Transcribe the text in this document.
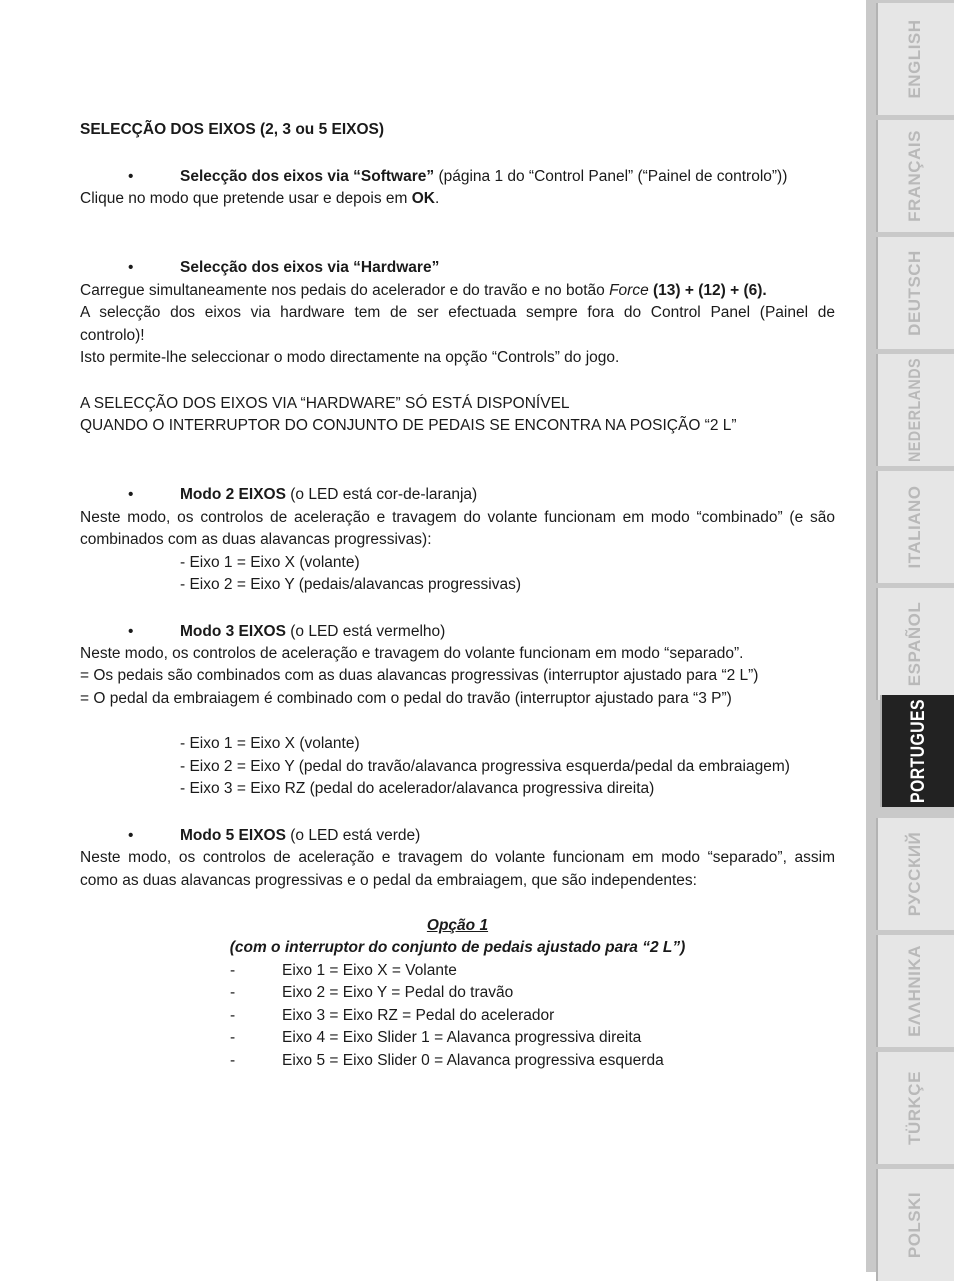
SELECÇÃO DOS EIXOS (2, 3 ou 5 EIXOS)
•	Selecção dos eixos via “Software” (página 1 do “Control Panel” (“Painel de controlo”))
Clique no modo que pretende usar e depois em OK.
•	Selecção dos eixos via “Hardware”
Carregue simultaneamente nos pedais do acelerador e do travão e no botão Force (13) + (12) + (6).
A selecção dos eixos via hardware tem de ser efectuada sempre fora do Control Panel (Painel de
controlo)!
Isto permite-lhe seleccionar o modo directamente na opção “Controls” do jogo.
A SELECÇÃO DOS EIXOS VIA “HARDWARE” SÓ ESTÁ DISPONÍVEL
QUANDO O INTERRUPTOR DO CONJUNTO DE PEDAIS SE ENCONTRA NA POSIÇÃO “2 L”
•	Modo 2 EIXOS (o LED está cor-de-laranja)
Neste modo, os controlos de aceleração e travagem do volante funcionam em modo “combinado” (e são
combinados com as duas alavancas progressivas):
- Eixo 1 = Eixo X (volante)
- Eixo 2 = Eixo Y (pedais/alavancas progressivas)
•	Modo 3 EIXOS (o LED está vermelho)
Neste modo, os controlos de aceleração e travagem do volante funcionam em modo “separado”.
= Os pedais são combinados com as duas alavancas progressivas (interruptor ajustado para “2 L”)
= O pedal da embraiagem é combinado com o pedal do travão (interruptor ajustado para “3 P”)
- Eixo 1 = Eixo X (volante)
- Eixo 2 = Eixo Y (pedal do travão/alavanca progressiva esquerda/pedal da embraiagem)
- Eixo 3 = Eixo RZ (pedal do acelerador/alavanca progressiva direita)
•	Modo 5 EIXOS (o LED está verde)
Neste modo, os controlos de aceleração e travagem do volante funcionam em modo “separado”, assim
como as duas alavancas progressivas e o pedal da embraiagem, que são independentes:
Opção 1
(com o interruptor do conjunto de pedais ajustado para “2 L”)
-	Eixo 1 = Eixo X = Volante
-	Eixo 2 = Eixo Y = Pedal do travão
-	Eixo 3 = Eixo RZ = Pedal do acelerador
-	Eixo 4 = Eixo Slider 1 = Alavanca progressiva direita
-	Eixo 5 = Eixo Slider 0 = Alavanca progressiva esquerda
ENGLISH
FRANÇAIS
DEUTSCH
NEDERLANDS
ITALIANO
ESPAÑOL
PORTUGUES
РУССКИЙ
ΕΛΛΗΝΙΚΑ
TÜRKÇE
POLSKI
